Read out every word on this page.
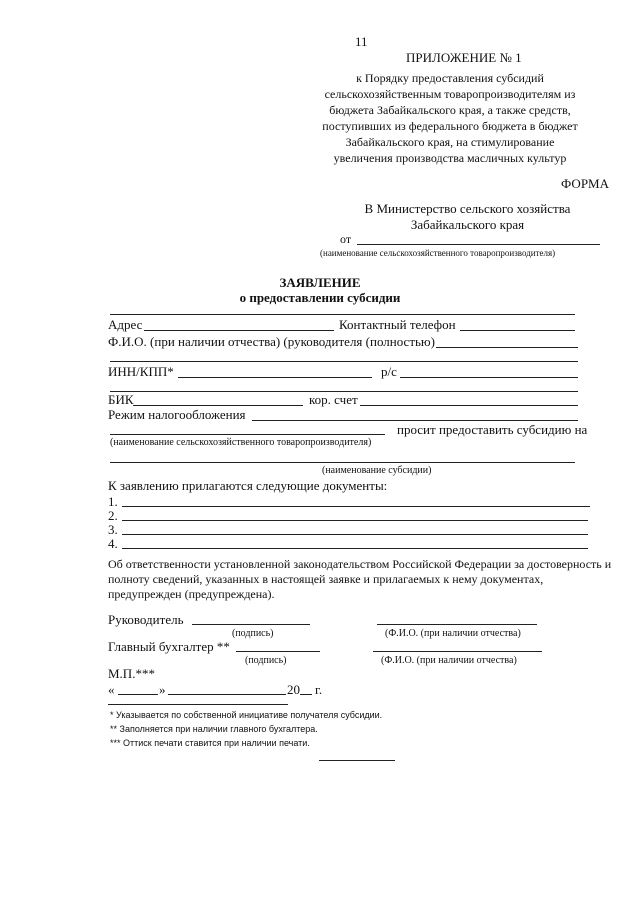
11
ПРИЛОЖЕНИЕ № 1
к Порядку предоставления субсидий
сельскохозяйственным товаропроизводителям из
бюджета Забайкальского края, а также средств,
поступивших из федерального бюджета в бюджет
Забайкальского края, на стимулирование
увеличения производства масличных культур
ФОРМА
В Министерство сельского хозяйства
Забайкальского края
от
(наименование сельскохозяйственного товаропроизводителя)
ЗАЯВЛЕНИЕ
о предоставлении субсидии
Адрес	Контактный телефон
Ф.И.О. (при наличии отчества) (руководителя (полностью)
ИНН/КПП*	р/с
БИК	кор. счет
Режим налогообложения
просит предоставить субсидию на
(наименование сельскохозяйственного товаропроизводителя)
(наименование субсидии)
К заявлению прилагаются следующие документы:
1.
2.
3.
4.
Об ответственности установленной законодательством Российской Федерации за достоверность и
полноту сведений, указанных в настоящей заявке и прилагаемых к нему документах,
предупрежден (предупреждена).
Руководитель
(подпись)	(Ф.И.О. (при наличии отчества)
Главный бухгалтер **
(подпись)	(Ф.И.О. (при наличии отчества)
М.П.***
«	»	20 г.
* Указывается по собственной инициативе получателя субсидии.
** Заполняется при наличии главного бухгалтера.
*** Оттиск печати ставится при наличии печати.
